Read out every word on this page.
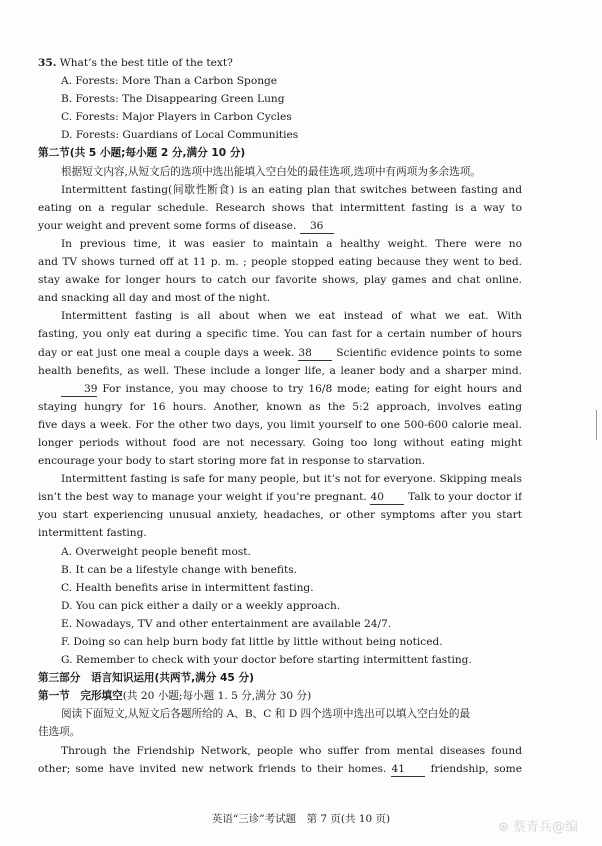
35. What’s the best title of the text?
A. Forests: More Than a Carbon Sponge
B. Forests: The Disappearing Green Lung
C. Forests: Major Players in Carbon Cycles
D. Forests: Guardians of Local Communities
第二节(共 5 小题;每小题 2 分,满分 10 分)
根据短文内容,从短文后的选项中选出能填入空白处的最佳选项,选项中有两项为多余选项。
Intermittent fasting(间歇性断食) is an eating plan that switches between fasting and
eating on a regular schedule. Research shows that intermittent fasting is a way to
your weight and prevent some forms of disease. 36
In previous time, it was easier to maintain a healthy weight. There were no
and TV shows turned off at 11 p. m. ; people stopped eating because they went to bed.
stay awake for longer hours to catch our favorite shows, play games and chat online.
and snacking all day and most of the night.
Intermittent fasting is all about when we eat instead of what we eat. With
fasting, you only eat during a specific time. You can fast for a certain number of hours
day or eat just one meal a couple days a week. 38 Scientific evidence points to some
health benefits, as well. These include a longer life, a leaner body and a sharper mind.
39 For instance, you may choose to try 16/8 mode; eating for eight hours and
staying hungry for 16 hours. Another, known as the 5:2 approach, involves eating
five days a week. For the other two days, you limit yourself to one 500-600 calorie meal.
longer periods without food are not necessary. Going too long without eating might
encourage your body to start storing more fat in response to starvation.
Intermittent fasting is safe for many people, but it’s not for everyone. Skipping meals
isn’t the best way to manage your weight if you’re pregnant. 40 Talk to your doctor if
you start experiencing unusual anxiety, headaches, or other symptoms after you start
intermittent fasting.
A. Overweight people benefit most.
B. It can be a lifestyle change with benefits.
C. Health benefits arise in intermittent fasting.
D. You can pick either a daily or a weekly approach.
E. Nowadays, TV and other entertainment are available 24/7.
F. Doing so can help burn body fat little by little without being noticed.
G. Remember to check with your doctor before starting intermittent fasting.
第三部分　语言知识运用(共两节,满分 45 分)
第一节　完形填空(共 20 小题;每小题 1. 5 分,满分 30 分)
阅读下面短文,从短文后各题所给的 A、B、C 和 D 四个选项中选出可以填入空白处的最
佳选项。
Through the Friendship Network, people who suffer from mental diseases found
other; some have invited new network friends to their homes. 41 friendship, some
英语“三诊”考试题　第 7 页(共 10 页)
⊛ 蔡青兵@编
